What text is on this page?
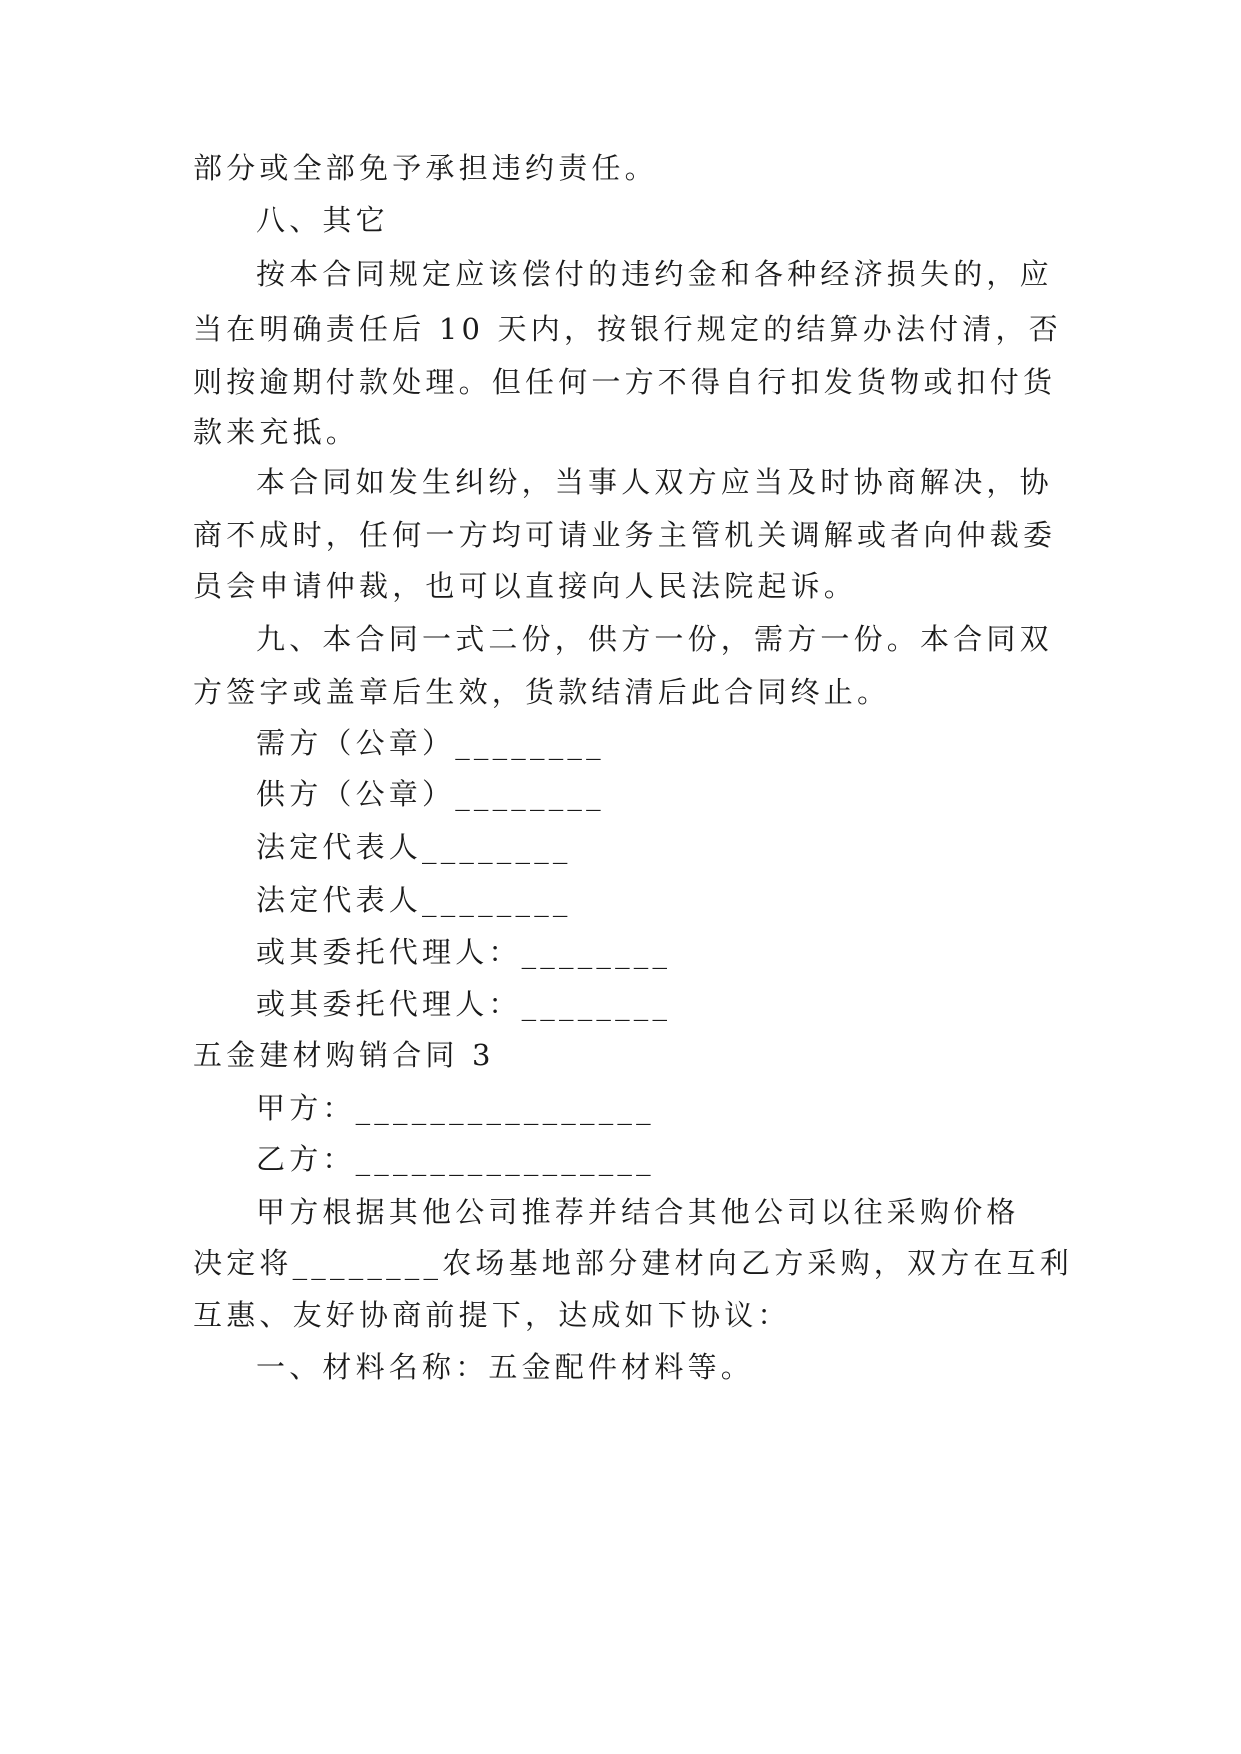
部分或全部免予承担违约责任。
八、其它
按本合同规定应该偿付的违约金和各种经济损失的，应
当在明确责任后 10 天内，按银行规定的结算办法付清，否
则按逾期付款处理。但任何一方不得自行扣发货物或扣付货
款来充抵。
本合同如发生纠纷，当事人双方应当及时协商解决，协
商不成时，任何一方均可请业务主管机关调解或者向仲裁委
员会申请仲裁，也可以直接向人民法院起诉。
九、本合同一式二份，供方一份，需方一份。本合同双
方签字或盖章后生效，货款结清后此合同终止。
需方（公章）________
供方（公章）________
法定代表人________
法定代表人________
或其委托代理人：________
或其委托代理人：________
五金建材购销合同 3
甲方：________________
乙方：________________
甲方根据其他公司推荐并结合其他公司以往采购价格
决定将________农场基地部分建材向乙方采购，双方在互利
互惠、友好协商前提下，达成如下协议：
一、材料名称：五金配件材料等。
